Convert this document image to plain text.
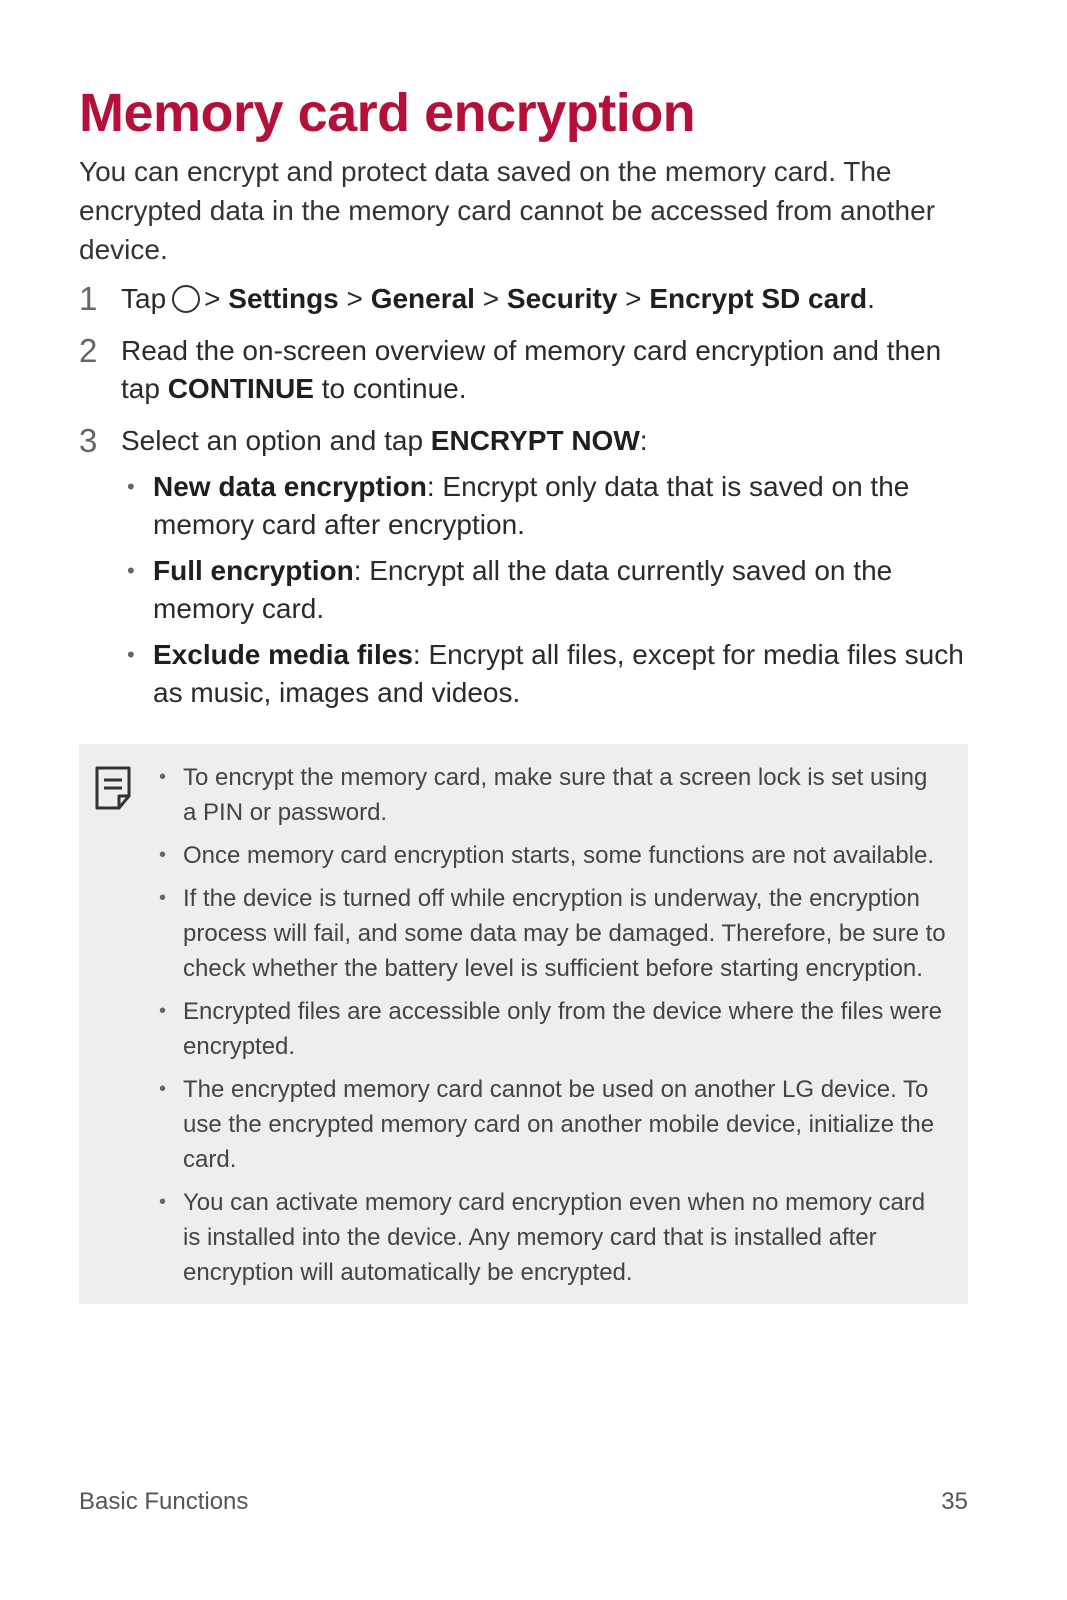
Memory card encryption

You can encrypt and protect data saved on the memory card. The encrypted data in the memory card cannot be accessed from another device.

1 Tap > Settings > General > Security > Encrypt SD card.
2 Read the on-screen overview of memory card encryption and then tap CONTINUE to continue.
3 Select an option and tap ENCRYPT NOW:
• New data encryption: Encrypt only data that is saved on the memory card after encryption.
• Full encryption: Encrypt all the data currently saved on the memory card.
• Exclude media files: Encrypt all files, except for media files such as music, images and videos.
• To encrypt the memory card, make sure that a screen lock is set using a PIN or password.
• Once memory card encryption starts, some functions are not available.
• If the device is turned off while encryption is underway, the encryption process will fail, and some data may be damaged. Therefore, be sure to check whether the battery level is sufficient before starting encryption.
• Encrypted files are accessible only from the device where the files were encrypted.
• The encrypted memory card cannot be used on another LG device. To use the encrypted memory card on another mobile device, initialize the card.
• You can activate memory card encryption even when no memory card is installed into the device. Any memory card that is installed after encryption will automatically be encrypted.
Basic Functions	35
